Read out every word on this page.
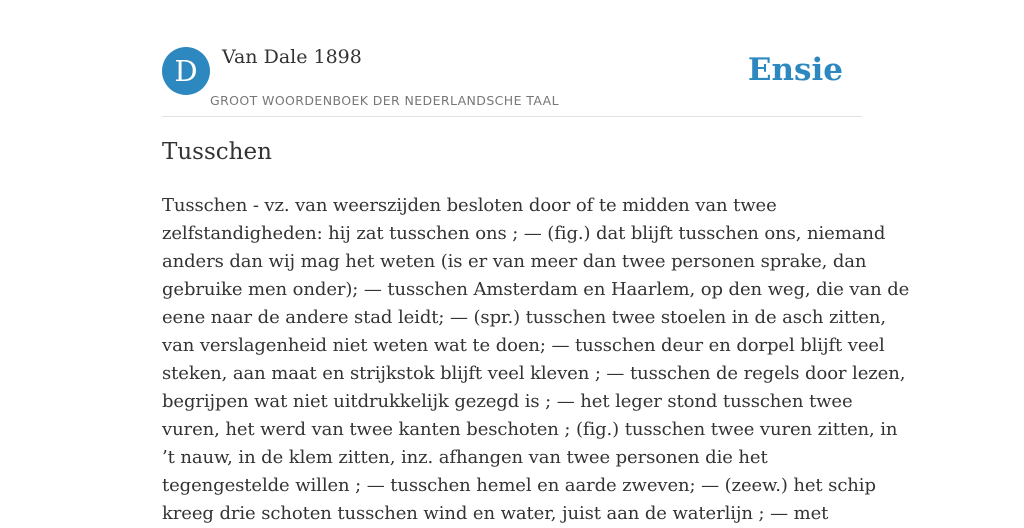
D	Van Dale 1898
GROOT WOORDENBOEK DER NEDERLANDSCHE TAAL
Ensie
Tusschen

Tusschen - vz. van weerszijden besloten door of te midden van twee
zelfstandigheden: hij zat tusschen ons ; — (fig.) dat blijft tusschen ons, niemand
anders dan wij mag het weten (is er van meer dan twee personen sprake, dan
gebruike men onder); — tusschen Amsterdam en Haarlem, op den weg, die van de
eene naar de andere stad leidt; — (spr.) tusschen twee stoelen in de asch zitten,
van verslagenheid niet weten wat te doen; — tusschen deur en dorpel blijft veel
steken, aan maat en strijkstok blijft veel kleven ; — tusschen de regels door lezen,
begrijpen wat niet uitdrukkelijk gezegd is ; — het leger stond tusschen twee
vuren, het werd van twee kanten beschoten ; (fig.) tusschen twee vuren zitten, in
’t nauw, in de klem zitten, inz. afhangen van twee personen die het
tegengestelde willen ; — tusschen hemel en aarde zweven; — (zeew.) het schip
kreeg drie schoten tusschen wind en water, juist aan de waterlijn ; — met
